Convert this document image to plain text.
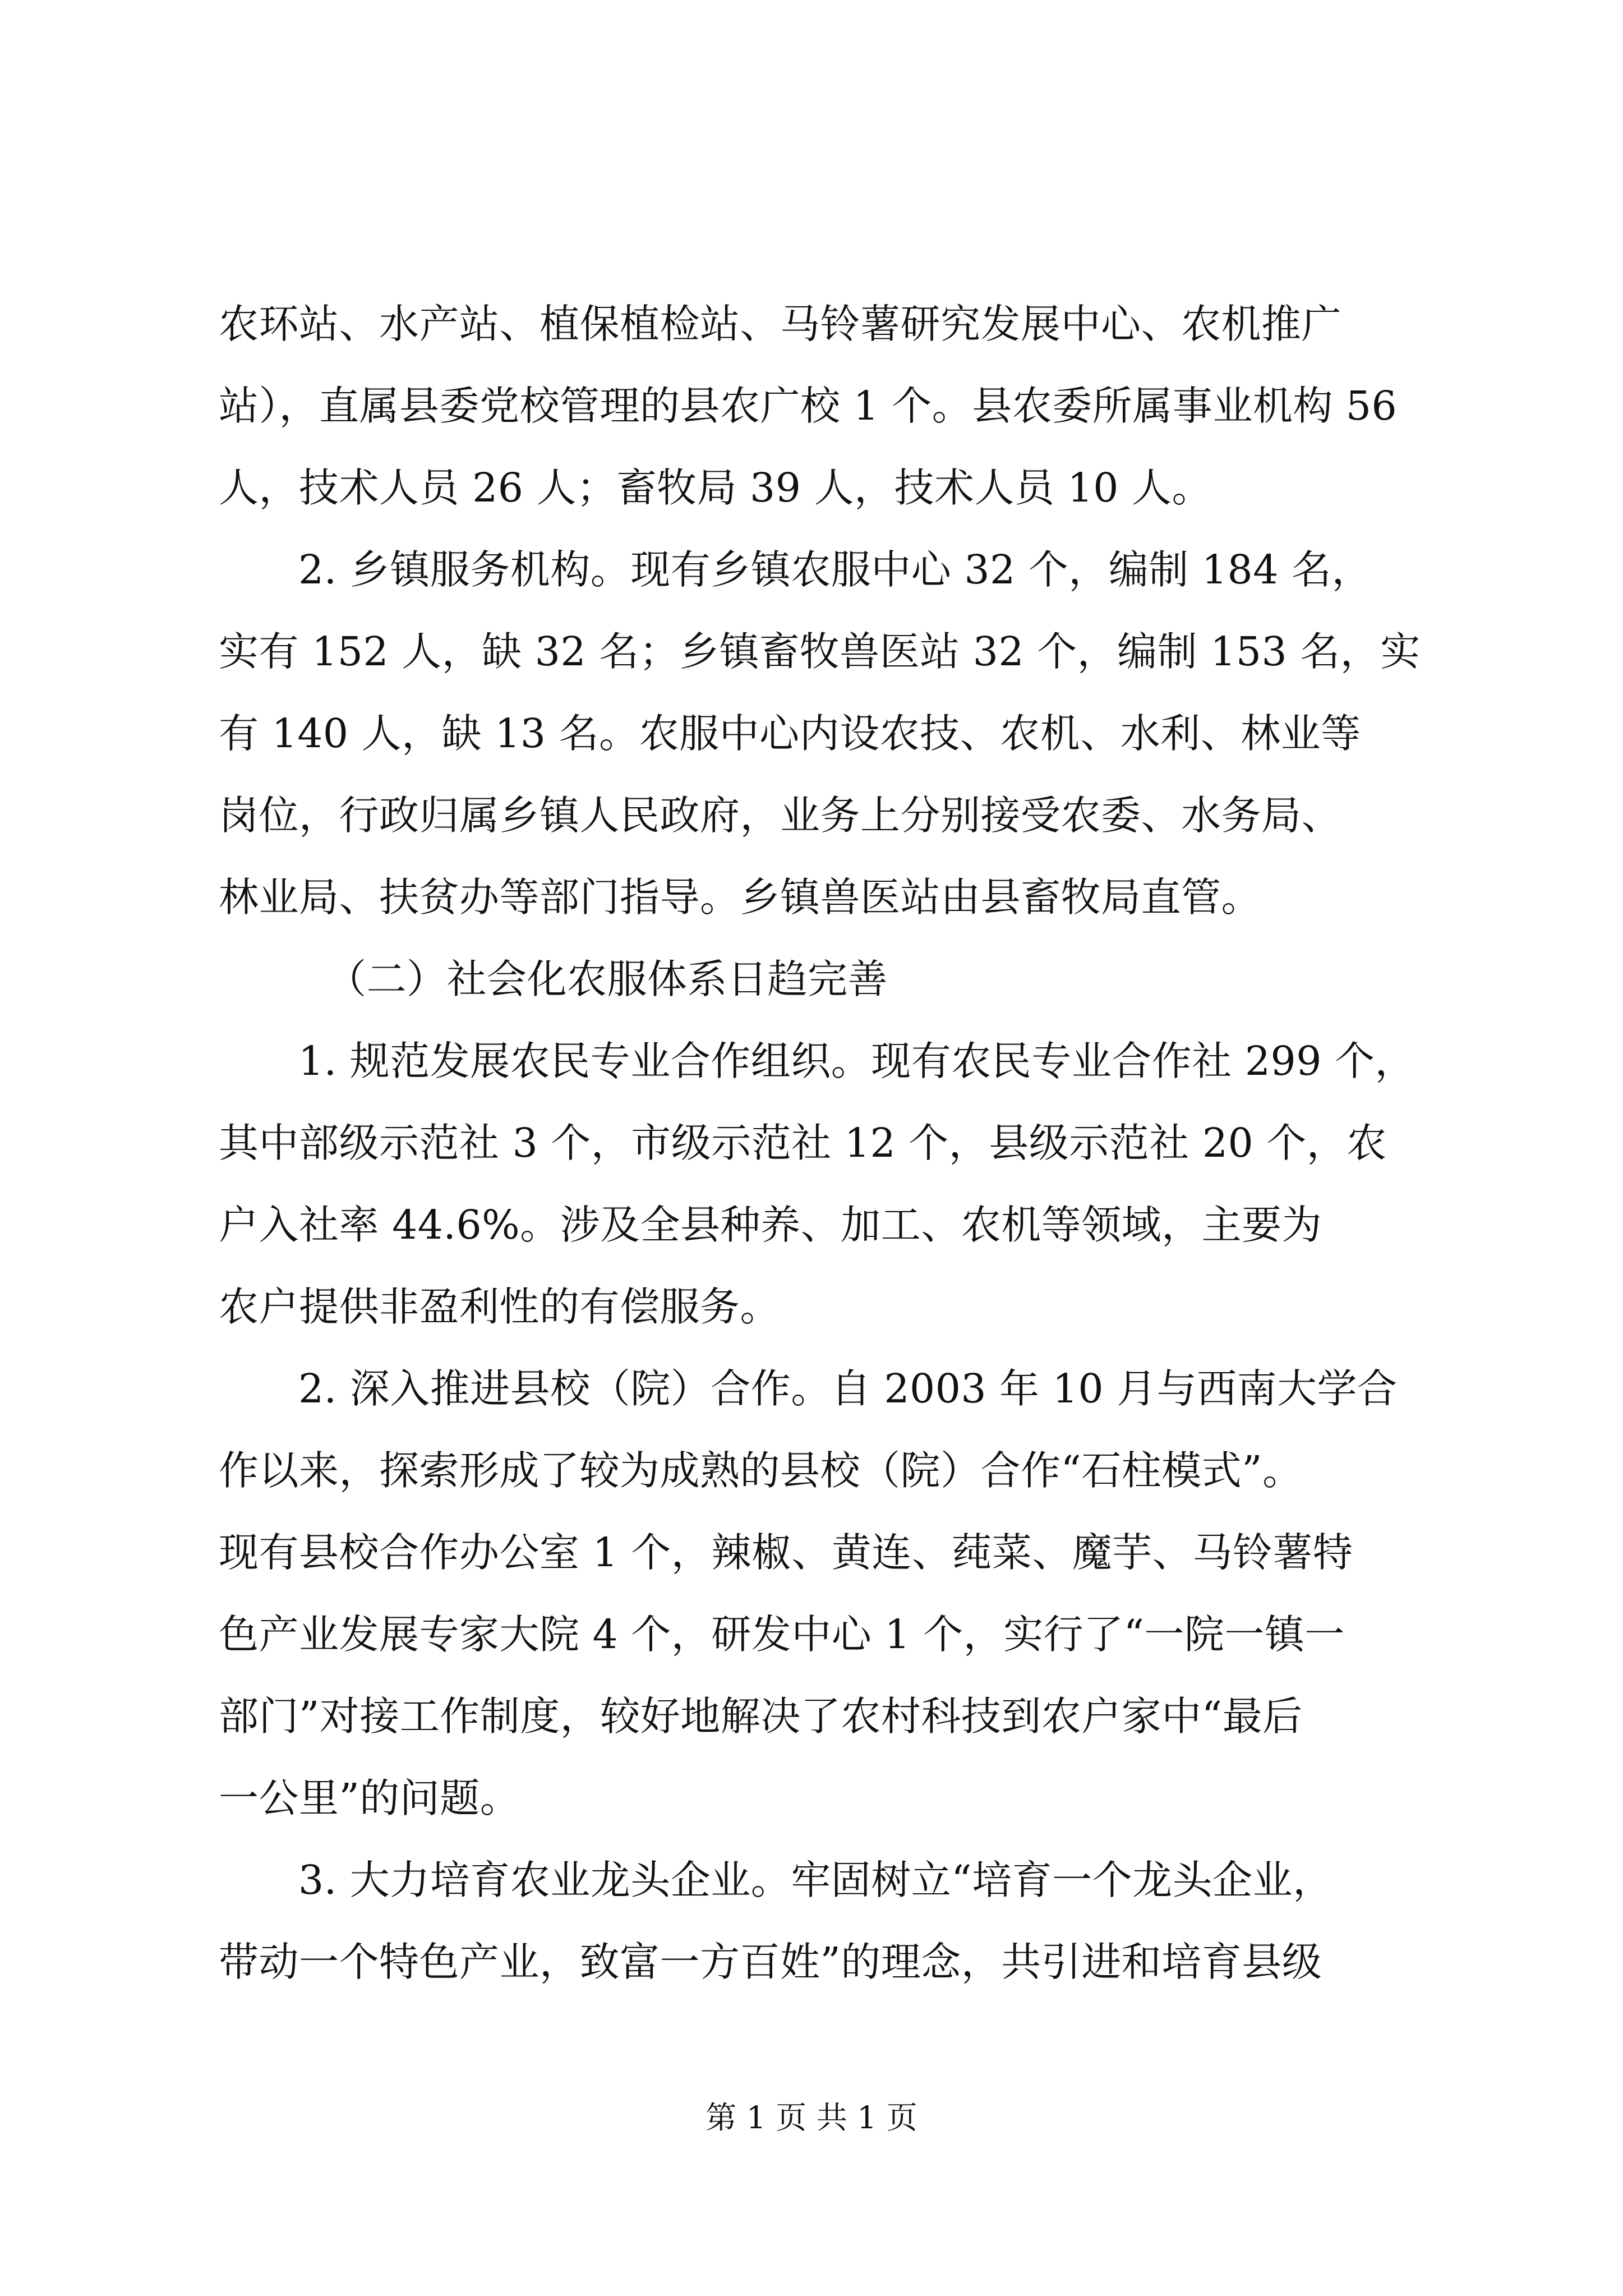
农环站、水产站、植保植检站、马铃薯研究发展中心、农机推广
站），直属县委党校管理的县农广校 1 个。县农委所属事业机构 56
人，技术人员 26 人；畜牧局 39 人，技术人员 10 人。
2. 乡镇服务机构。现有乡镇农服中心 32 个，编制 184 名，
实有 152 人，缺 32 名；乡镇畜牧兽医站 32 个，编制 153 名，实
有 140 人，缺 13 名。农服中心内设农技、农机、水利、林业等
岗位，行政归属乡镇人民政府，业务上分别接受农委、水务局、
林业局、扶贫办等部门指导。乡镇兽医站由县畜牧局直管。
（二）社会化农服体系日趋完善
1. 规范发展农民专业合作组织。现有农民专业合作社 299 个，
其中部级示范社 3 个，市级示范社 12 个，县级示范社 20 个，农
户入社率 44.6%。涉及全县种养、加工、农机等领域，主要为
农户提供非盈利性的有偿服务。
2. 深入推进县校（院）合作。自 2003 年 10 月与西南大学合
作以来，探索形成了较为成熟的县校（院）合作“石柱模式”。
现有县校合作办公室 1 个，辣椒、黄连、莼菜、魔芋、马铃薯特
色产业发展专家大院 4 个，研发中心 1 个，实行了“一院一镇一
部门”对接工作制度，较好地解决了农村科技到农户家中“最后
一公里”的问题。
3. 大力培育农业龙头企业。牢固树立“培育一个龙头企业，
带动一个特色产业，致富一方百姓”的理念，共引进和培育县级
第 1 页 共 1 页
